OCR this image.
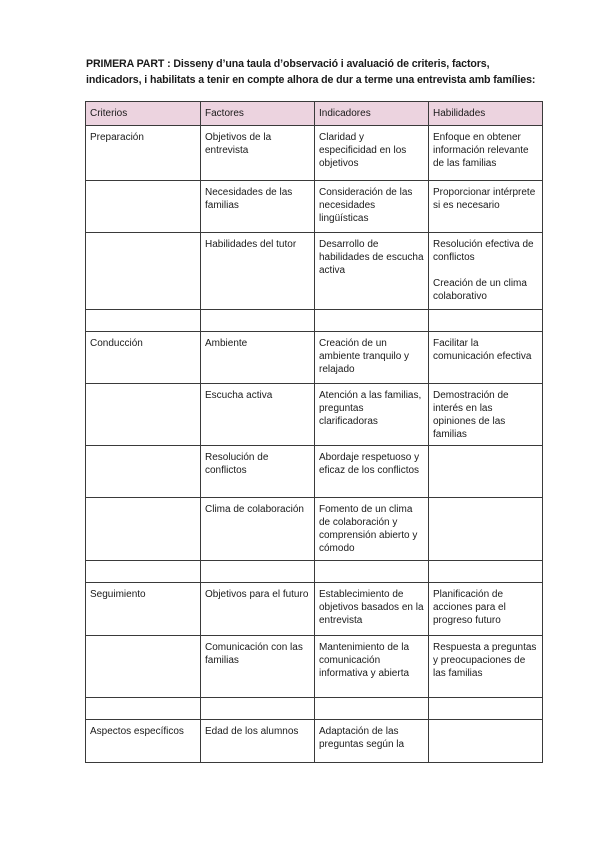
PRIMERA PART : Disseny d’una taula d’observació i avaluació de criteris, factors, indicadors, i habilitats a tenir en compte alhora de dur a terme una entrevista amb famílies:
Criterios	Factores	Indicadores	Habilidades
Preparación	Objetivos de la entrevista	Claridad y especificidad en los objetivos	Enfoque en obtener información relevante de las familias

	Necesidades de las familias	Consideración de las necesidades lingüísticas	Proporcionar intérprete si es necesario

	Habilidades del tutor	Desarrollo de habilidades de escucha activa	Resolución efectiva de conflictos
Creación de un clima colaborativo

Conducción	Ambiente	Creación de un ambiente tranquilo y relajado	Facilitar la comunicación efectiva

	Escucha activa	Atención a las familias, preguntas clarificadoras	Demostración de interés en las opiniones de las familias

	Resolución de conflictos	Abordaje respetuoso y eficaz de los conflictos	
	Clima de colaboración	Fomento de un clima de colaboración y comprensión abierto y cómodo	

Seguimiento	Objetivos para el futuro	Establecimiento de objetivos basados en la entrevista	Planificación de acciones para el progreso futuro

	Comunicación con las familias	Mantenimiento de la comunicación informativa y abierta	Respuesta a preguntas y preocupaciones de las familias

Aspectos específicos	Edad de los alumnos	Adaptación de las preguntas según la	
